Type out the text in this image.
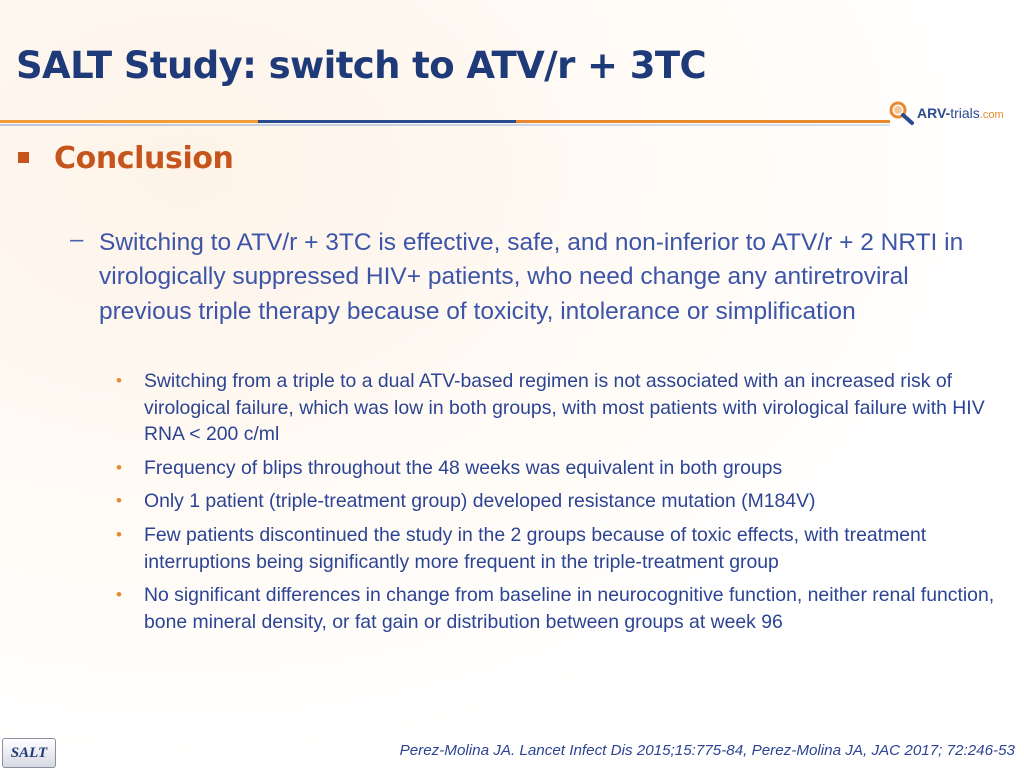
SALT Study: switch to ATV/r + 3TC
ARV-trials.com
Conclusion
– Switching to ATV/r + 3TC is effective, safe, and non-inferior to ATV/r + 2 NRTI in virologically suppressed HIV+ patients, who need change any antiretroviral previous triple therapy because of toxicity, intolerance or simplification

• Switching from a triple to a dual ATV-based regimen is not associated with an increased risk of virological failure, which was low in both groups, with most patients with virological failure with HIV RNA < 200 c/ml
• Frequency of blips throughout the 48 weeks was equivalent in both groups
• Only 1 patient (triple-treatment group) developed resistance mutation (M184V)
• Few patients discontinued the study in the 2 groups because of toxic effects, with treatment interruptions being significantly more frequent in the triple-treatment group
• No significant differences in change from baseline in neurocognitive function, neither renal function, bone mineral density, or fat gain or distribution between groups at week 96
SALT	Perez-Molina JA. Lancet Infect Dis 2015;15:775-84, Perez-Molina JA, JAC 2017; 72:246-53
